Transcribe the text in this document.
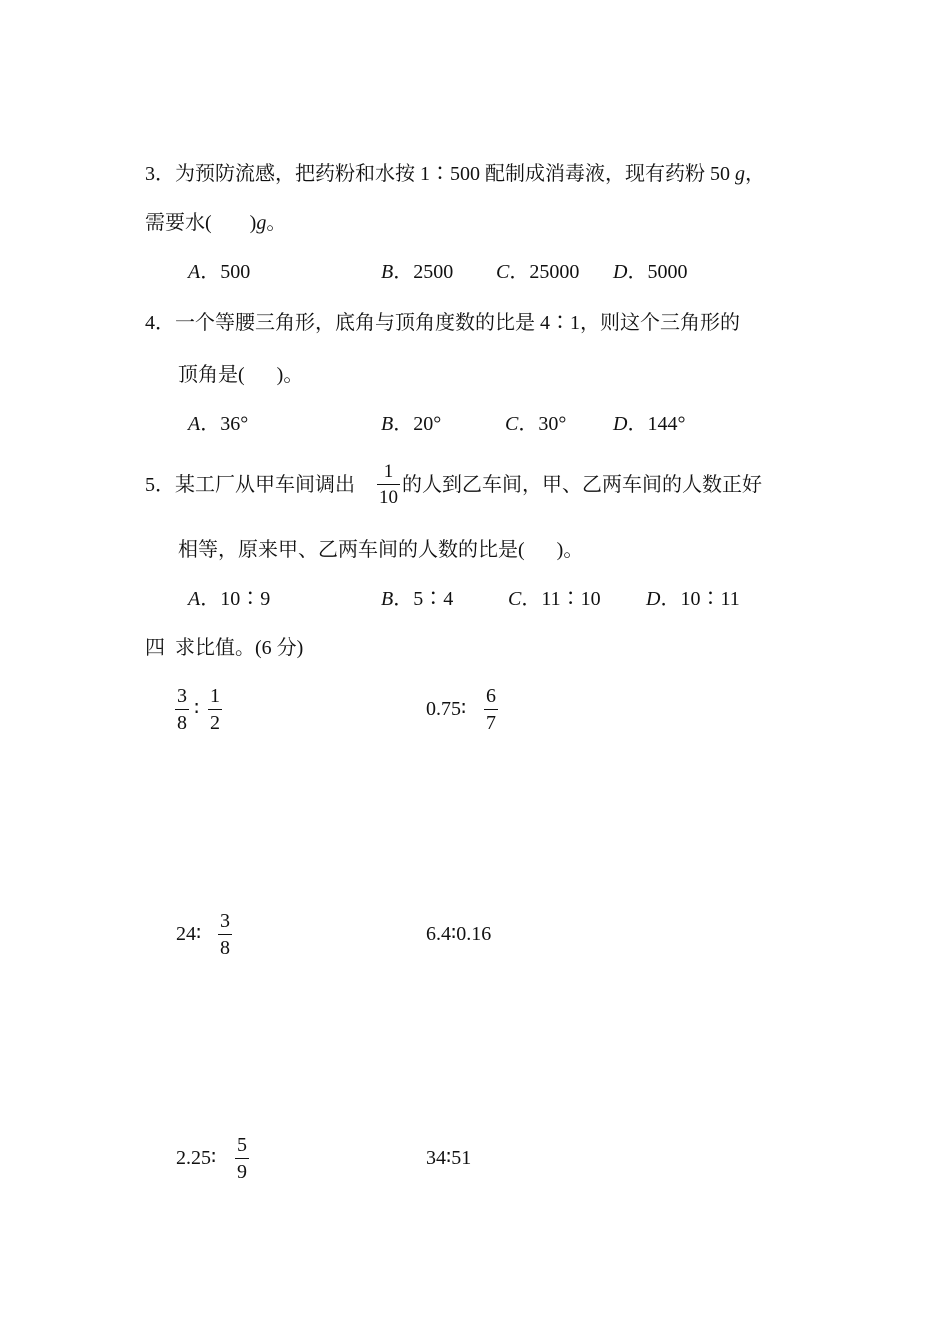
3．为预防流感，把药粉和水按 1∶500 配制成消毒液，现有药粉 50 g，
需要水( )g。
A．500	B．2500 C．25000 D．5000
4．一个等腰三角形，底角与顶角度数的比是 4∶1，则这个三角形的
顶角是( )。
A．36°	B．20°	C．30° D．144°
5．某工厂从甲车间调出 $\frac{1}{10}$ 的人到乙车间，甲、乙两车间的人数正好
相等，原来甲、乙两车间的人数的比是( )。
A．10∶9	B．5∶4	C．11∶10 D．10∶11
四 求比值。(6 分)
$\frac{3}{8}$ ∶ $\frac{1}{2}$	0.75∶ $\frac{6}{7}$
24∶ $\frac{3}{8}$	6.4∶0.16
2.25∶ $\frac{5}{9}$	34∶51
